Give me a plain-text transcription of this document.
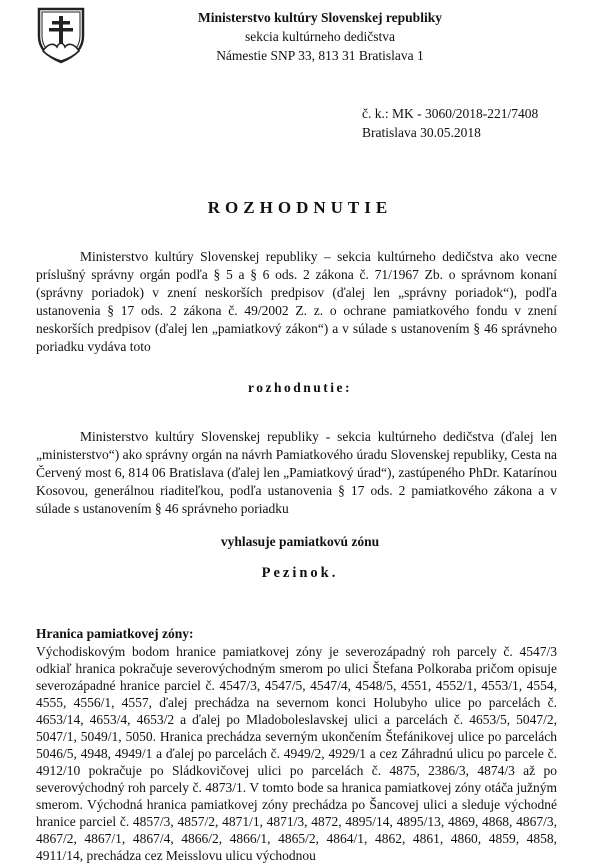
Ministerstvo kultúry Slovenskej republiky
sekcia kultúrneho dedičstva
Námestie SNP 33, 813 31 Bratislava 1
č. k.: MK - 3060/2018-221/7408
Bratislava 30.05.2018
ROZHODNUTIE

Ministerstvo kultúry Slovenskej republiky – sekcia kultúrneho dedičstva ako vecne príslušný správny orgán podľa § 5 a § 6 ods. 2 zákona č. 71/1967 Zb. o správnom konaní (správny poriadok) v znení neskorších predpisov (ďalej len „správny poriadok“), podľa ustanovenia § 17 ods. 2 zákona č. 49/2002 Z. z. o ochrane pamiatkového fondu v znení neskorších predpisov (ďalej len „pamiatkový zákon“) a v súlade s ustanovením § 46 správneho poriadku vydáva toto

rozhodnutie:

Ministerstvo kultúry Slovenskej republiky - sekcia kultúrneho dedičstva (ďalej len „ministerstvo“) ako správny orgán na návrh Pamiatkového úradu Slovenskej republiky, Cesta na Červený most 6, 814 06 Bratislava (ďalej len „Pamiatkový úrad“), zastúpeného PhDr. Katarínou Kosovou, generálnou riaditeľkou, podľa ustanovenia § 17 ods. 2 pamiatkového zákona a v súlade s ustanovením § 46 správneho poriadku

vyhlasuje pamiatkovú zónu
Pezinok.
Hranica pamiatkovej zóny:

Východiskovým bodom hranice pamiatkovej zóny je severozápadný roh parcely č. 4547/3 odkiaľ hranica pokračuje severovýchodným smerom po ulici Štefana Polkoraba pričom opisuje severozápadné hranice parciel č. 4547/3, 4547/5, 4547/4, 4548/5, 4551, 4552/1, 4553/1, 4554, 4555, 4556/1, 4557, ďalej prechádza na severnom konci Holubyho ulice po parcelách č. 4653/14, 4653/4, 4653/2 a ďalej po Mladoboleslavskej ulici a parcelách č. 4653/5, 5047/2, 5047/1, 5049/1, 5050. Hranica prechádza severným ukončením Štefánikovej ulice po parcelách 5046/5, 4948, 4949/1 a ďalej po parcelách č. 4949/2, 4929/1 a cez Záhradnú ulicu po parcele č. 4912/10 pokračuje po Sládkovičovej ulici po parcelách č. 4875, 2386/3, 4874/3 až po severovýchodný roh parcely č. 4873/1. V tomto bode sa hranica pamiatkovej zóny otáča južným smerom. Východná hranica pamiatkovej zóny prechádza po Šancovej ulici a sleduje východné hranice parciel č. 4857/3, 4857/2, 4871/1, 4871/3, 4872, 4895/14, 4895/13, 4869, 4868, 4867/3, 4867/2, 4867/1, 4867/4, 4866/2, 4866/1, 4865/2, 4864/1, 4862, 4861, 4860, 4859, 4858, 4911/14, prechádza cez Meisslovu ulicu východnou
